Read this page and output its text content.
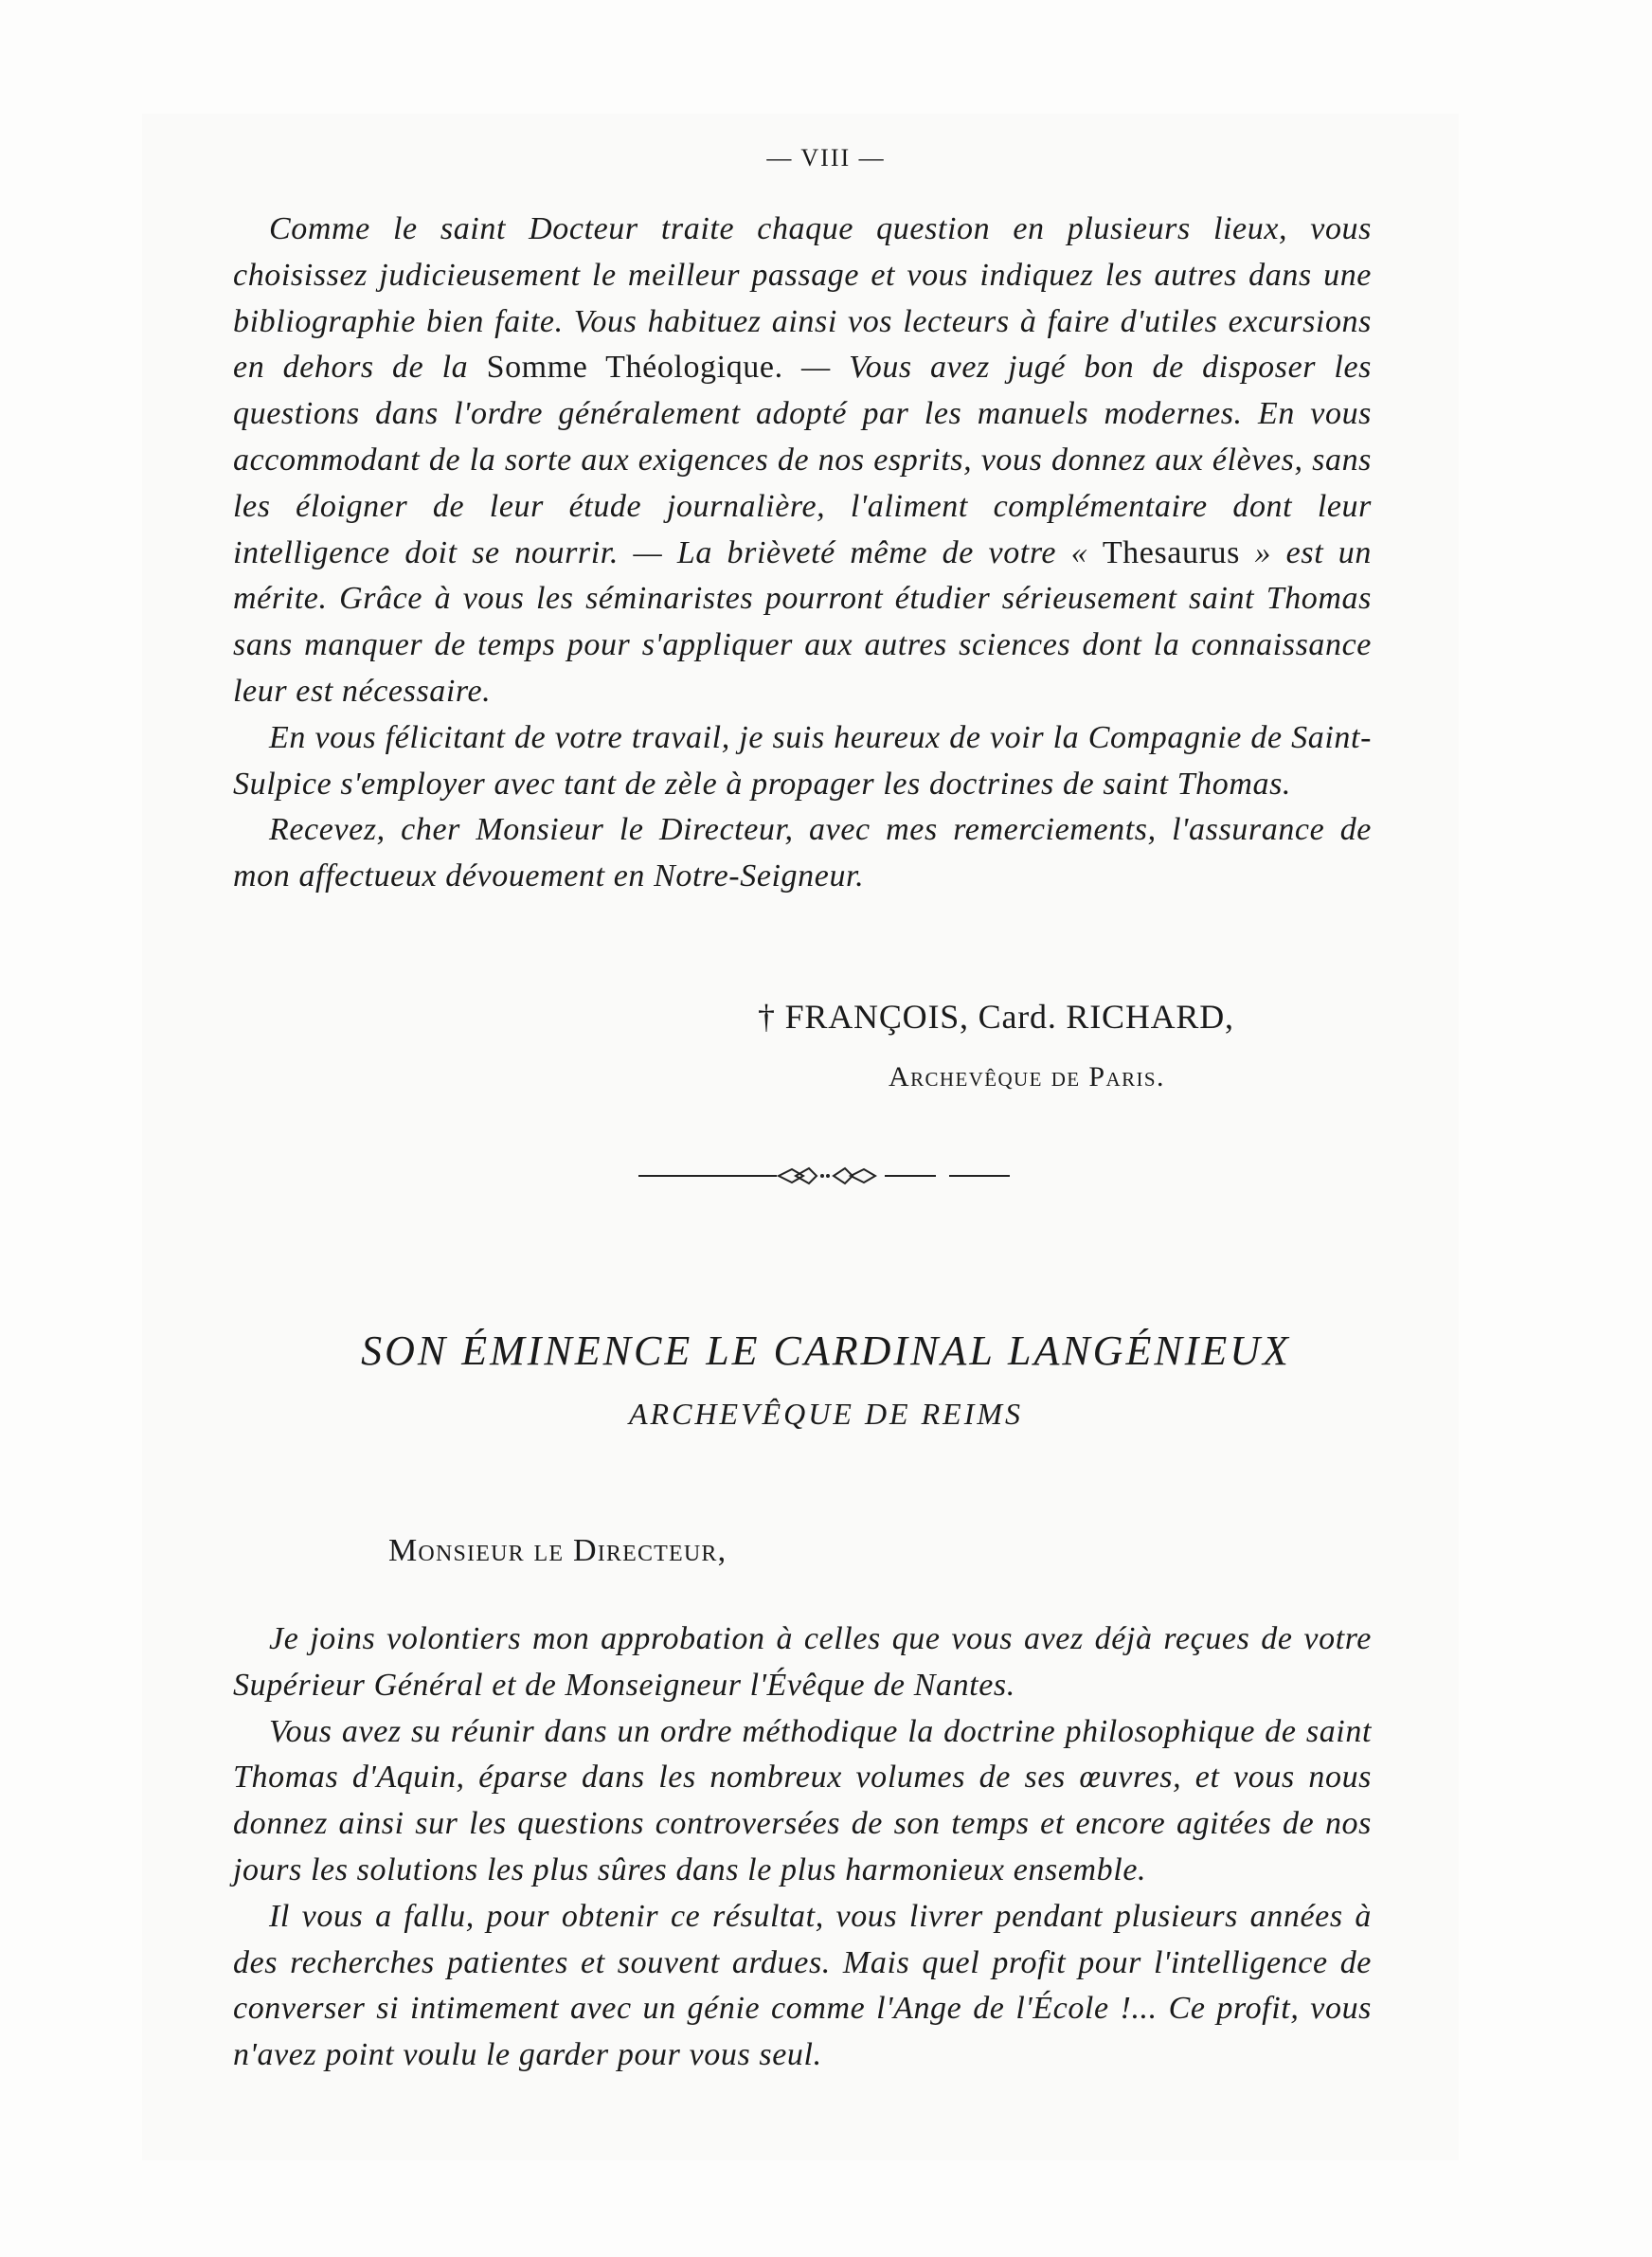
— VIII —

Comme le saint Docteur traite chaque question en plusieurs lieux, vous choisissez judicieusement le meilleur passage et vous indiquez les autres dans une bibliographie bien faite. Vous habituez ainsi vos lecteurs à faire d'utiles excursions en dehors de la Somme Théologique. — Vous avez jugé bon de disposer les questions dans l'ordre généralement adopté par les manuels modernes. En vous accommodant de la sorte aux exigences de nos esprits, vous donnez aux élèves, sans les éloigner de leur étude journalière, l'aliment complémentaire dont leur intelligence doit se nourrir. — La brièveté même de votre « Thesaurus » est un mérite. Grâce à vous les séminaristes pourront étudier sérieusement saint Thomas sans manquer de temps pour s'appliquer aux autres sciences dont la connaissance leur est nécessaire.

En vous félicitant de votre travail, je suis heureux de voir la Compagnie de Saint-Sulpice s'employer avec tant de zèle à propager les doctrines de saint Thomas.

Recevez, cher Monsieur le Directeur, avec mes remerciements, l'assurance de mon affectueux dévouement en Notre-Seigneur.

† FRANÇOIS, Card. RICHARD,
Archevêque de Paris.
SON ÉMINENCE LE CARDINAL LANGÉNIEUX
ARCHEVÊQUE DE REIMS
Monsieur le Directeur,

Je joins volontiers mon approbation à celles que vous avez déjà reçues de votre Supérieur Général et de Monseigneur l'Évêque de Nantes.

Vous avez su réunir dans un ordre méthodique la doctrine philosophique de saint Thomas d'Aquin, éparse dans les nombreux volumes de ses œuvres, et vous nous donnez ainsi sur les questions controversées de son temps et encore agitées de nos jours les solutions les plus sûres dans le plus harmonieux ensemble.

Il vous a fallu, pour obtenir ce résultat, vous livrer pendant plusieurs années à des recherches patientes et souvent ardues. Mais quel profit pour l'intelligence de converser si intimement avec un génie comme l'Ange de l'École !... Ce profit, vous n'avez point voulu le garder pour vous seul.
